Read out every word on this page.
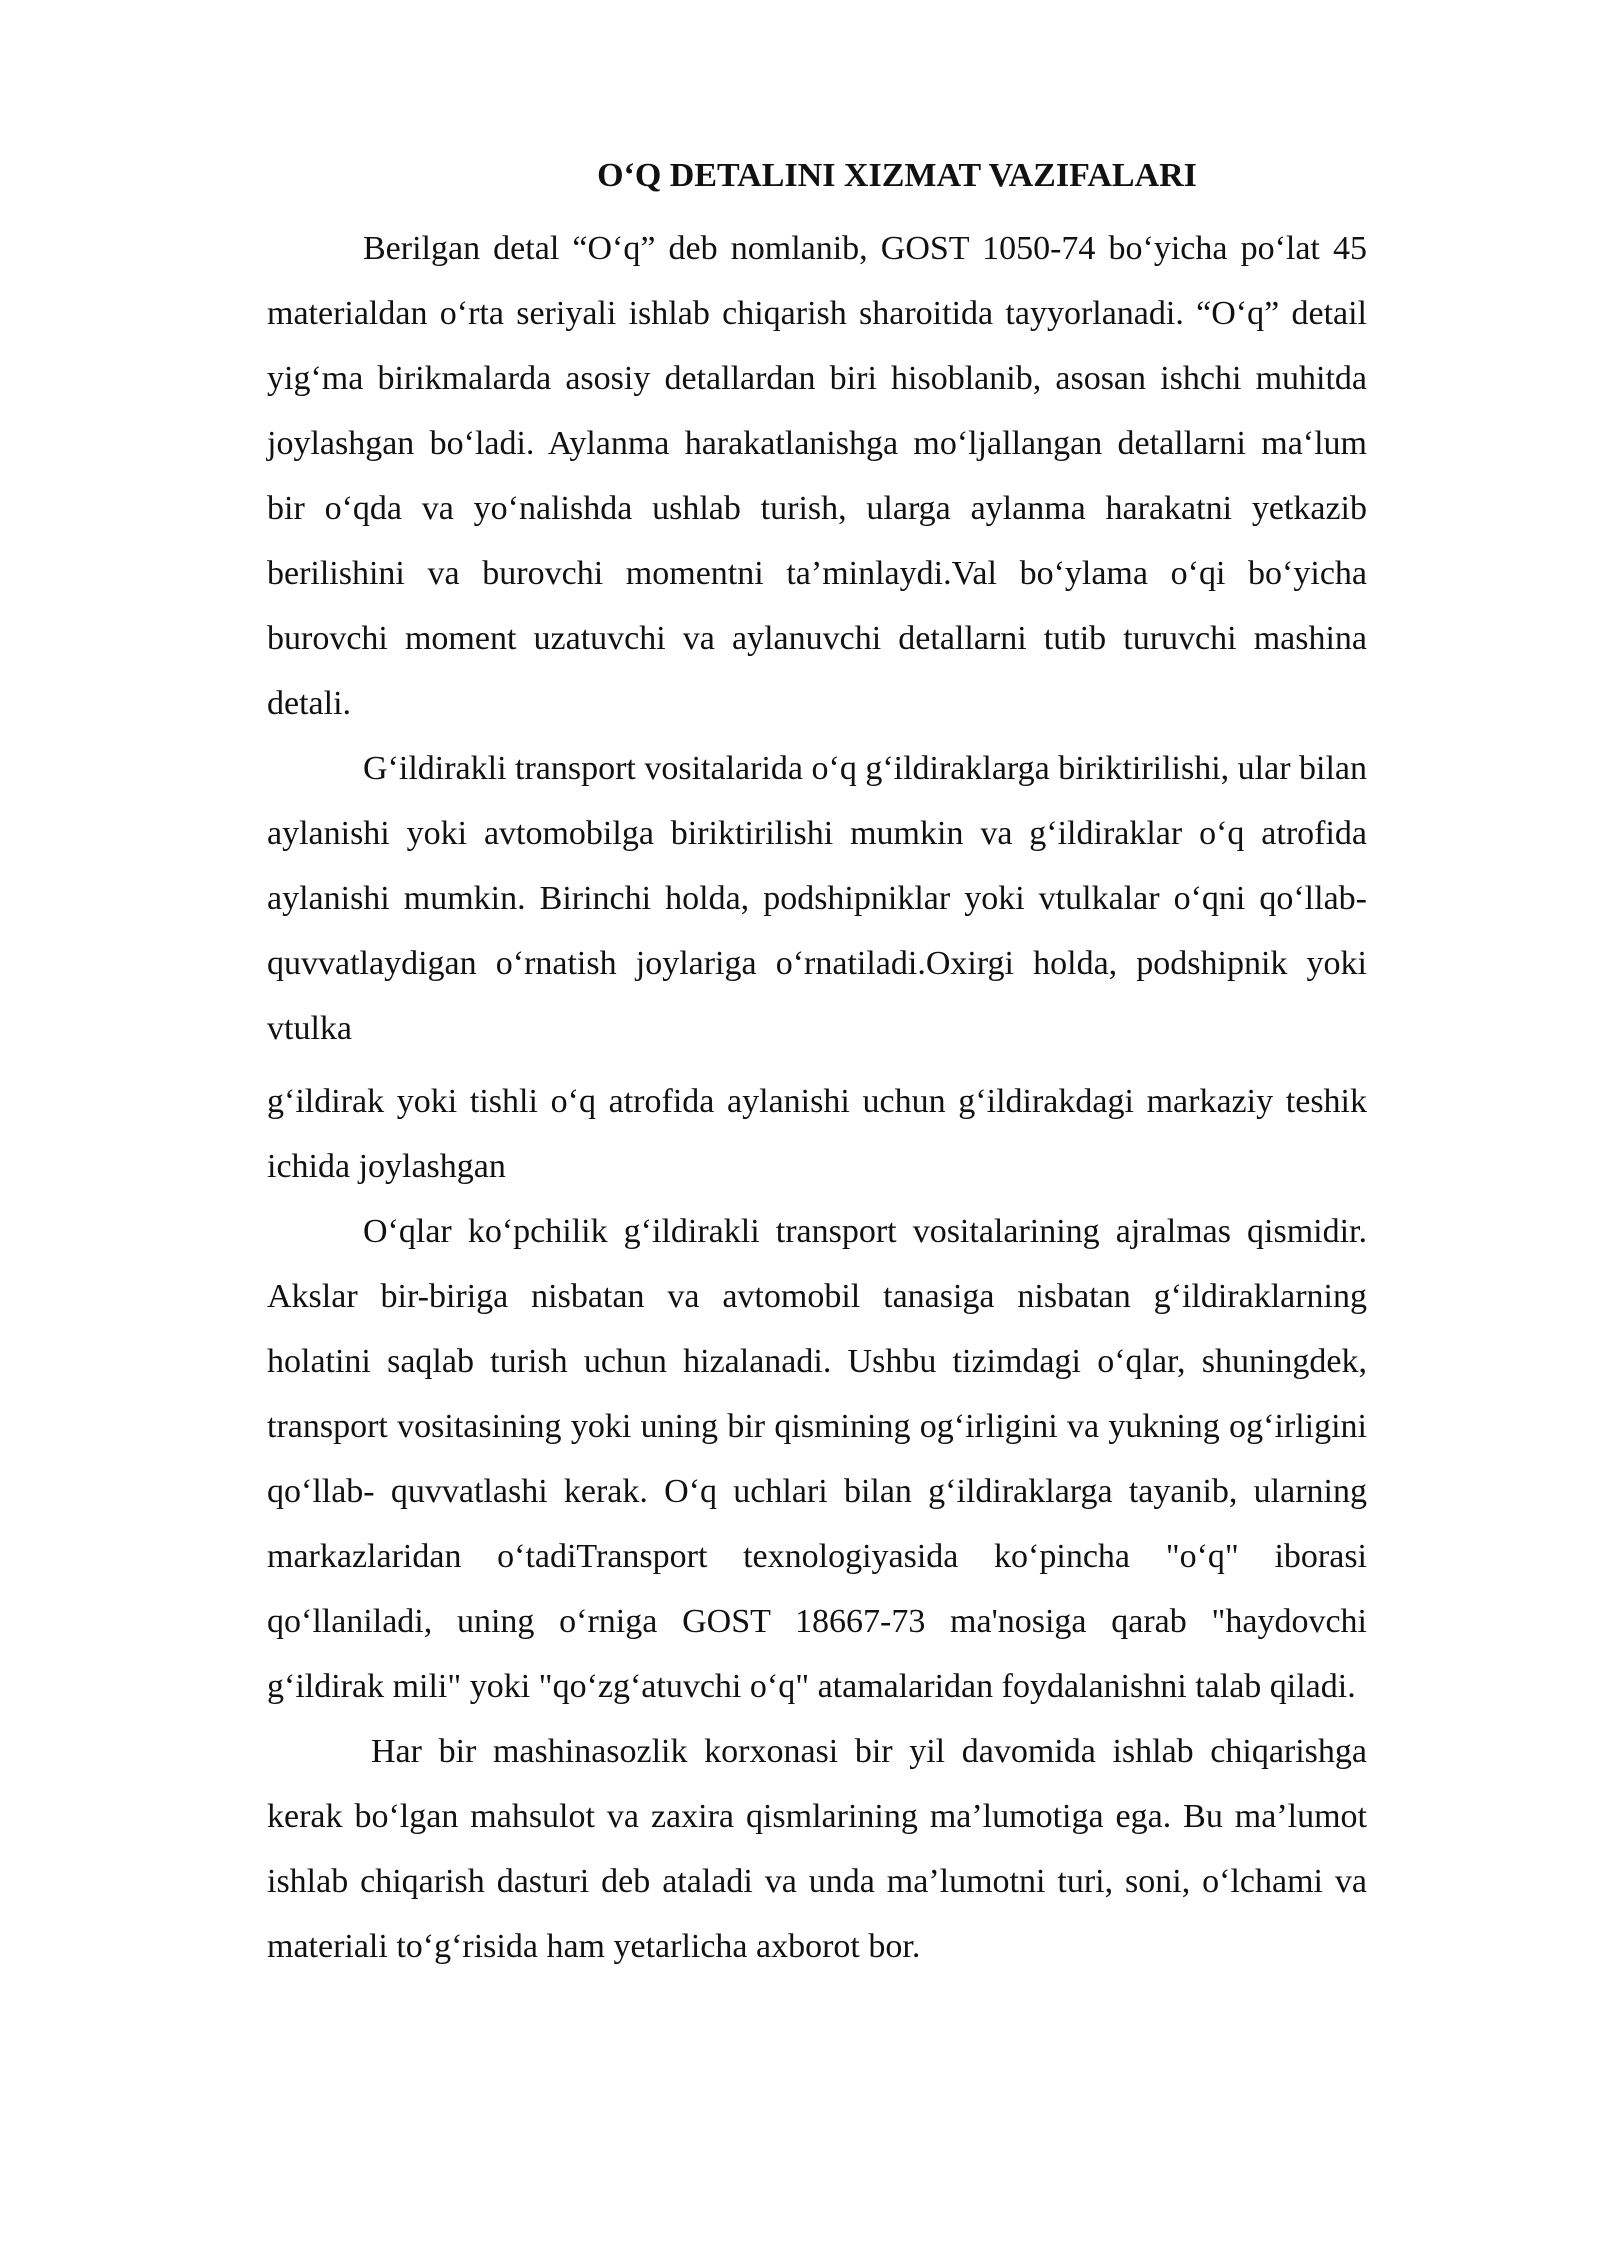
O‘Q DETALINI XIZMAT VAZIFALARI

Berilgan detal “O‘q” deb nomlanib, GOST 1050-74 bo‘yicha po‘lat 45 materialdan o‘rta seriyali ishlab chiqarish sharoitida tayyorlanadi. “O‘q” detail yig‘ma birikmalarda asosiy detallardan biri hisoblanib, asosan ishchi muhitda joylashgan bo‘ladi. Aylanma harakatlanishga mo‘ljallangan detallarni ma‘lum bir o‘qda va yo‘nalishda ushlab turish, ularga aylanma harakatni yetkazib berilishini va burovchi momentni ta’minlaydi.Val bo‘ylama o‘qi bo‘yicha burovchi moment uzatuvchi va aylanuvchi detallarni tutib turuvchi mashina detali.

G‘ildirakli transport vositalarida o‘q g‘ildiraklarga biriktirilishi, ular bilan aylanishi yoki avtomobilga biriktirilishi mumkin va g‘ildiraklar o‘q atrofida aylanishi mumkin. Birinchi holda, podshipniklar yoki vtulkalar o‘qni qo‘llab- quvvatlaydigan o‘rnatish joylariga o‘rnatiladi.Oxirgi holda, podshipnik yoki vtulka

g‘ildirak yoki tishli o‘q atrofida aylanishi uchun g‘ildirakdagi markaziy teshik ichida joylashgan

O‘qlar ko‘pchilik g‘ildirakli transport vositalarining ajralmas qismidir. Akslar bir-biriga nisbatan va avtomobil tanasiga nisbatan g‘ildiraklarning holatini saqlab turish uchun hizalanadi. Ushbu tizimdagi o‘qlar, shuningdek, transport vositasining yoki uning bir qismining og‘irligini va yukning og‘irligini qo‘llab- quvvatlashi kerak. O‘q uchlari bilan g‘ildiraklarga tayanib, ularning markazlaridan o‘tadiTransport texnologiyasida ko‘pincha "o‘q" iborasi qo‘llaniladi, uning o‘rniga GOST 18667-73 ma'nosiga qarab "haydovchi g‘ildirak mili" yoki "qo‘zg‘atuvchi o‘q" atamalaridan foydalanishni talab qiladi.

Har bir mashinasozlik korxonasi bir yil davomida ishlab chiqarishga kerak bo‘lgan mahsulot va zaxira qismlarining ma’lumotiga ega. Bu ma’lumot ishlab chiqarish dasturi deb ataladi va unda ma’lumotni turi, soni, o‘lchami va materiali to‘g‘risida ham yetarlicha axborot bor.
